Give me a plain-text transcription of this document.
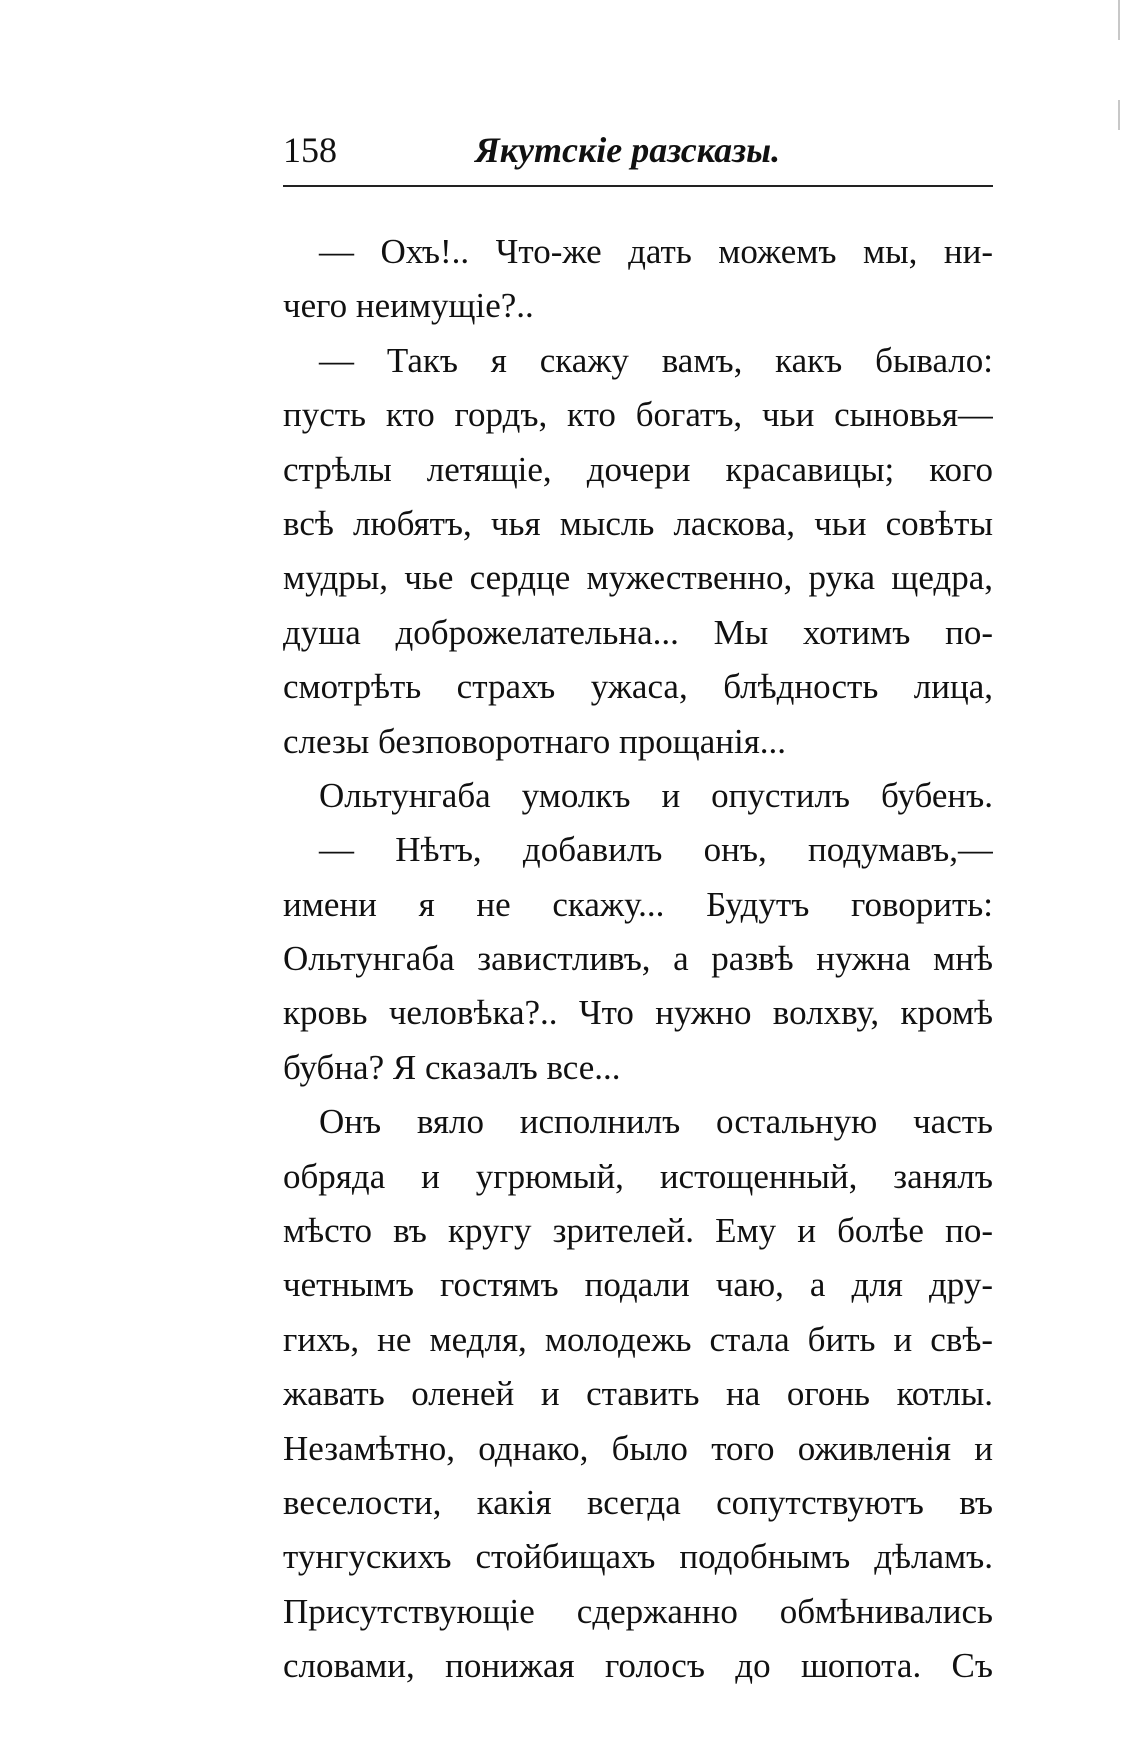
158	Якутскіе разсказы.
— Охъ!.. Что-же дать можемъ мы, ни-
чего неимущіе?..
— Такъ я скажу вамъ, какъ бывало:
пусть кто гордъ, кто богатъ, чьи сыновья—
стрѣлы летящіе, дочери красавицы; кого
всѣ любятъ, чья мысль ласкова, чьи совѣты
мудры, чье сердце мужественно, рука щедра,
душа доброжелательна... Мы хотимъ по-
смотрѣть страхъ ужаса, блѣдность лица,
слезы безповоротнаго прощанія...
Ольтунгаба умолкъ и опустилъ бубенъ.
— Нѣтъ, добавилъ онъ, подумавъ,—
имени я не скажу... Будутъ говорить:
Ольтунгаба завистливъ, а развѣ нужна мнѣ
кровь человѣка?.. Что нужно волхву, кромѣ
бубна? Я сказалъ все...
Онъ вяло исполнилъ остальную часть
обряда и угрюмый, истощенный, занялъ
мѣсто въ кругу зрителей. Ему и болѣе по-
четнымъ гостямъ подали чаю, а для дру-
гихъ, не медля, молодежь стала бить и свѣ-
жавать оленей и ставить на огонь котлы.
Незамѣтно, однако, было того оживленія и
веселости, какія всегда сопутствуютъ въ
тунгускихъ стойбищахъ подобнымъ дѣламъ.
Присутствующіе сдержанно обмѣнивались
словами, понижая голосъ до шопота. Съ
